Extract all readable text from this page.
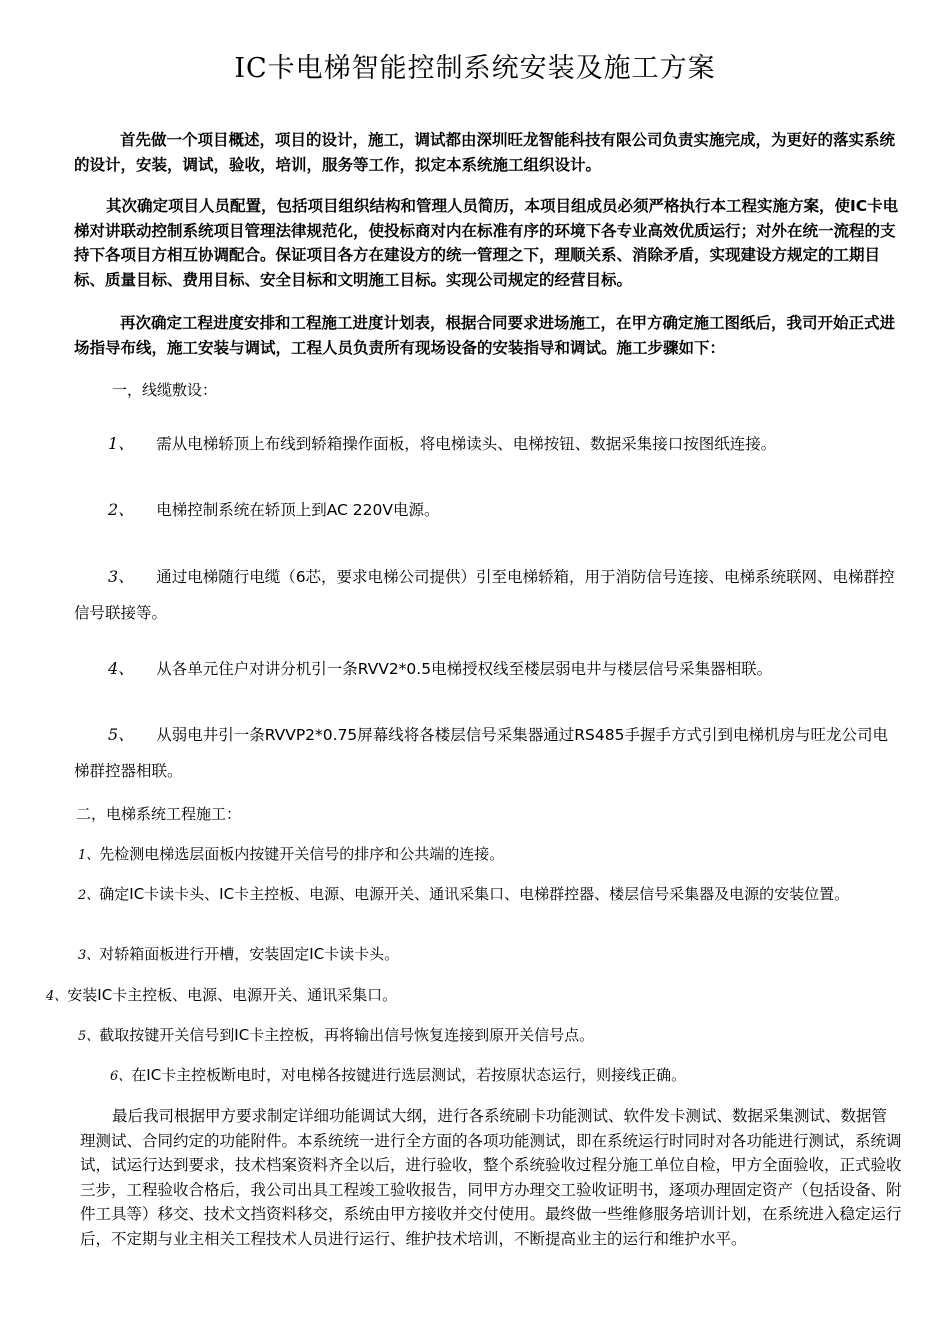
IC卡电梯智能控制系统安装及施工方案
首先做一个项目概述，项目的设计，施工，调试都由深圳旺龙智能科技有限公司负责实施完成，为更好的落实系统的设计，安装，调试，验收，培训，服务等工作，拟定本系统施工组织设计。
其次确定项目人员配置，包括项目组织结构和管理人员简历，本项目组成员必须严格执行本工程实施方案，使IC卡电梯对讲联动控制系统项目管理法律规范化，使投标商对内在标准有序的环境下各专业高效优质运行；对外在统一流程的支持下各项目方相互协调配合。保证项目各方在建设方的统一管理之下，理顺关系、消除矛盾，实现建设方规定的工期目标、质量目标、费用目标、安全目标和文明施工目标。实现公司规定的经营目标。
再次确定工程进度安排和工程施工进度计划表，根据合同要求进场施工，在甲方确定施工图纸后，我司开始正式进场指导布线，施工安装与调试，工程人员负责所有现场设备的安装指导和调试。施工步骤如下：
一，线缆敷设：
1、 需从电梯轿顶上布线到轿箱操作面板，将电梯读头、电梯按钮、数据采集接口按图纸连接。
2、 电梯控制系统在轿顶上到AC 220V电源。
3、 通过电梯随行电缆（6芯，要求电梯公司提供）引至电梯轿箱，用于消防信号连接、电梯系统联网、电梯群控信号联接等。
4、 从各单元住户对讲分机引一条RVV2*0.5电梯授权线至楼层弱电井与楼层信号采集器相联。
5、 从弱电井引一条RVVP2*0.75屏幕线将各楼层信号采集器通过RS485手握手方式引到电梯机房与旺龙公司电梯群控器相联。
二，电梯系统工程施工：
1、先检测电梯选层面板内按键开关信号的排序和公共端的连接。
2、确定IC卡读卡头、IC卡主控板、电源、电源开关、通讯采集口、电梯群控器、楼层信号采集器及电源的安装位置。
3、对轿箱面板进行开槽，安装固定IC卡读卡头。
4、安装IC卡主控板、电源、电源开关、通讯采集口。
5、截取按键开关信号到IC卡主控板，再将输出信号恢复连接到原开关信号点。
6、在IC卡主控板断电时，对电梯各按键进行选层测试，若按原状态运行，则接线正确。
最后我司根据甲方要求制定详细功能调试大纲，进行各系统刷卡功能测试、软件发卡测试、数据采集测试、数据管理测试、合同约定的功能附件。本系统统一进行全方面的各项功能测试，即在系统运行时同时对各功能进行测试，系统调试，试运行达到要求，技术档案资料齐全以后，进行验收，整个系统验收过程分施工单位自检，甲方全面验收，正式验收三步，工程验收合格后，我公司出具工程竣工验收报告，同甲方办理交工验收证明书，逐项办理固定资产（包括设备、附件工具等）移交、技术文挡资料移交，系统由甲方接收并交付使用。最终做一些维修服务培训计划，在系统进入稳定运行后，不定期与业主相关工程技术人员进行运行、维护技术培训，不断提高业主的运行和维护水平。
